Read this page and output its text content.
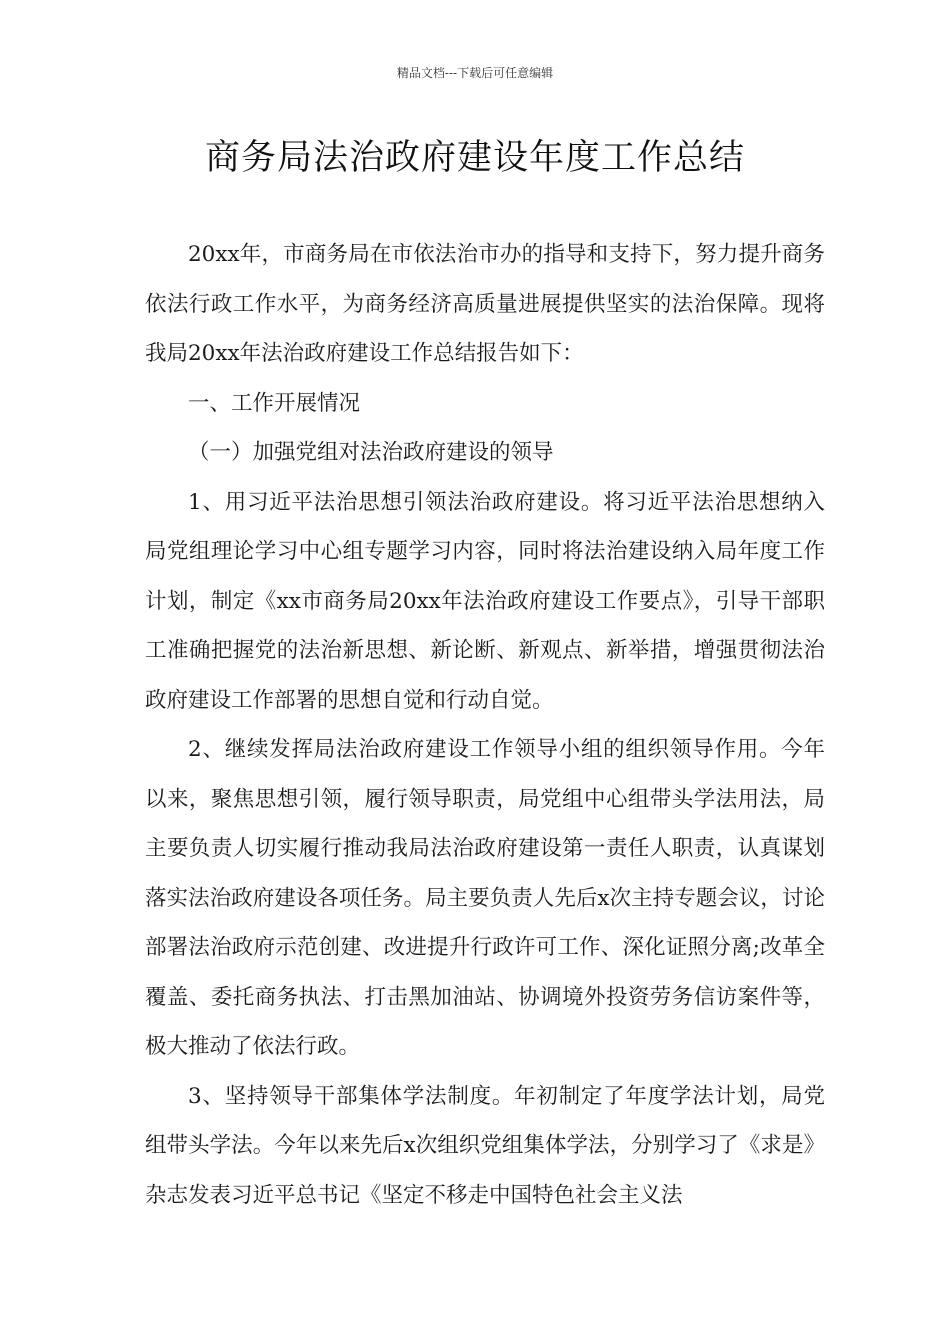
精品文档---下载后可任意编辑
商务局法治政府建设年度工作总结

20xx年，市商务局在市依法治市办的指导和支持下，努力提升商务依法行政工作水平，为商务经济高质量进展提供坚实的法治保障。现将我局20xx年法治政府建设工作总结报告如下：

一、工作开展情况

（一）加强党组对法治政府建设的领导

1、用习近平法治思想引领法治政府建设。将习近平法治思想纳入局党组理论学习中心组专题学习内容，同时将法治建设纳入局年度工作计划，制定《xx市商务局20xx年法治政府建设工作要点》，引导干部职工准确把握党的法治新思想、新论断、新观点、新举措，增强贯彻法治政府建设工作部署的思想自觉和行动自觉。

2、继续发挥局法治政府建设工作领导小组的组织领导作用。今年以来，聚焦思想引领，履行领导职责，局党组中心组带头学法用法，局主要负责人切实履行推动我局法治政府建设第一责任人职责，认真谋划落实法治政府建设各项任务。局主要负责人先后x次主持专题会议，讨论部署法治政府示范创建、改进提升行政许可工作、深化证照分离;改革全覆盖、委托商务执法、打击黑加油站、协调境外投资劳务信访案件等，极大推动了依法行政。

3、坚持领导干部集体学法制度。年初制定了年度学法计划，局党组带头学法。今年以来先后x次组织党组集体学法，分别学习了《求是》杂志发表习近平总书记《坚定不移走中国特色社会主义法
